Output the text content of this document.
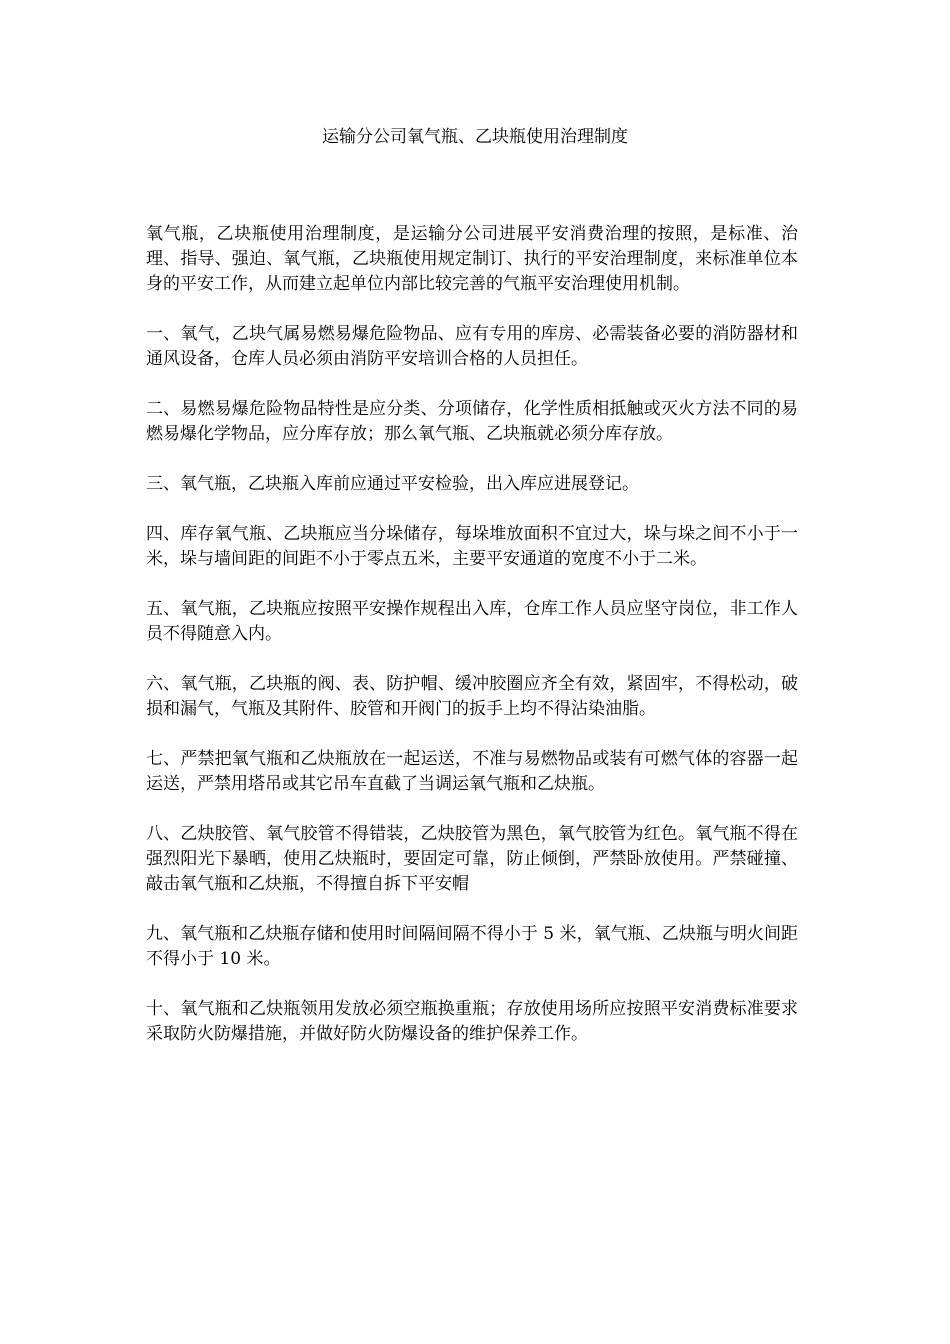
运输分公司氧气瓶、乙块瓶使用治理制度

氧气瓶，乙块瓶使用治理制度，是运输分公司进展平安消费治理的按照，是标准、治理、指导、强迫、氧气瓶，乙块瓶使用规定制订、执行的平安治理制度，来标准单位本身的平安工作，从而建立起单位内部比较完善的气瓶平安治理使用机制。

一、氧气，乙块气属易燃易爆危险物品、应有专用的库房、必需装备必要的消防器材和通风设备，仓库人员必须由消防平安培训合格的人员担任。

二、易燃易爆危险物品特性是应分类、分项储存，化学性质相抵触或灭火方法不同的易燃易爆化学物品，应分库存放；那么氧气瓶、乙块瓶就必须分库存放。

三、氧气瓶，乙块瓶入库前应通过平安检验，出入库应进展登记。

四、库存氧气瓶、乙块瓶应当分垛储存，每垛堆放面积不宜过大，垛与垛之间不小于一米，垛与墙间距的间距不小于零点五米，主要平安通道的宽度不小于二米。

五、氧气瓶，乙块瓶应按照平安操作规程出入库，仓库工作人员应坚守岗位，非工作人员不得随意入内。

六、氧气瓶，乙块瓶的阀、表、防护帽、缓冲胶圈应齐全有效，紧固牢，不得松动，破损和漏气，气瓶及其附件、胶管和开阀门的扳手上均不得沾染油脂。

七、严禁把氧气瓶和乙炔瓶放在一起运送，不准与易燃物品或装有可燃气体的容器一起运送，严禁用塔吊或其它吊车直截了当调运氧气瓶和乙炔瓶。

八、乙炔胶管、氧气胶管不得错装，乙炔胶管为黑色，氧气胶管为红色。氧气瓶不得在强烈阳光下暴晒，使用乙炔瓶时，要固定可靠，防止倾倒，严禁卧放使用。严禁碰撞、敲击氧气瓶和乙炔瓶，不得擅自拆下平安帽

九、氧气瓶和乙炔瓶存储和使用时间隔间隔不得小于 5 米，氧气瓶、乙炔瓶与明火间距不得小于 10 米。

十、氧气瓶和乙炔瓶领用发放必须空瓶换重瓶；存放使用场所应按照平安消费标准要求采取防火防爆措施，并做好防火防爆设备的维护保养工作。
